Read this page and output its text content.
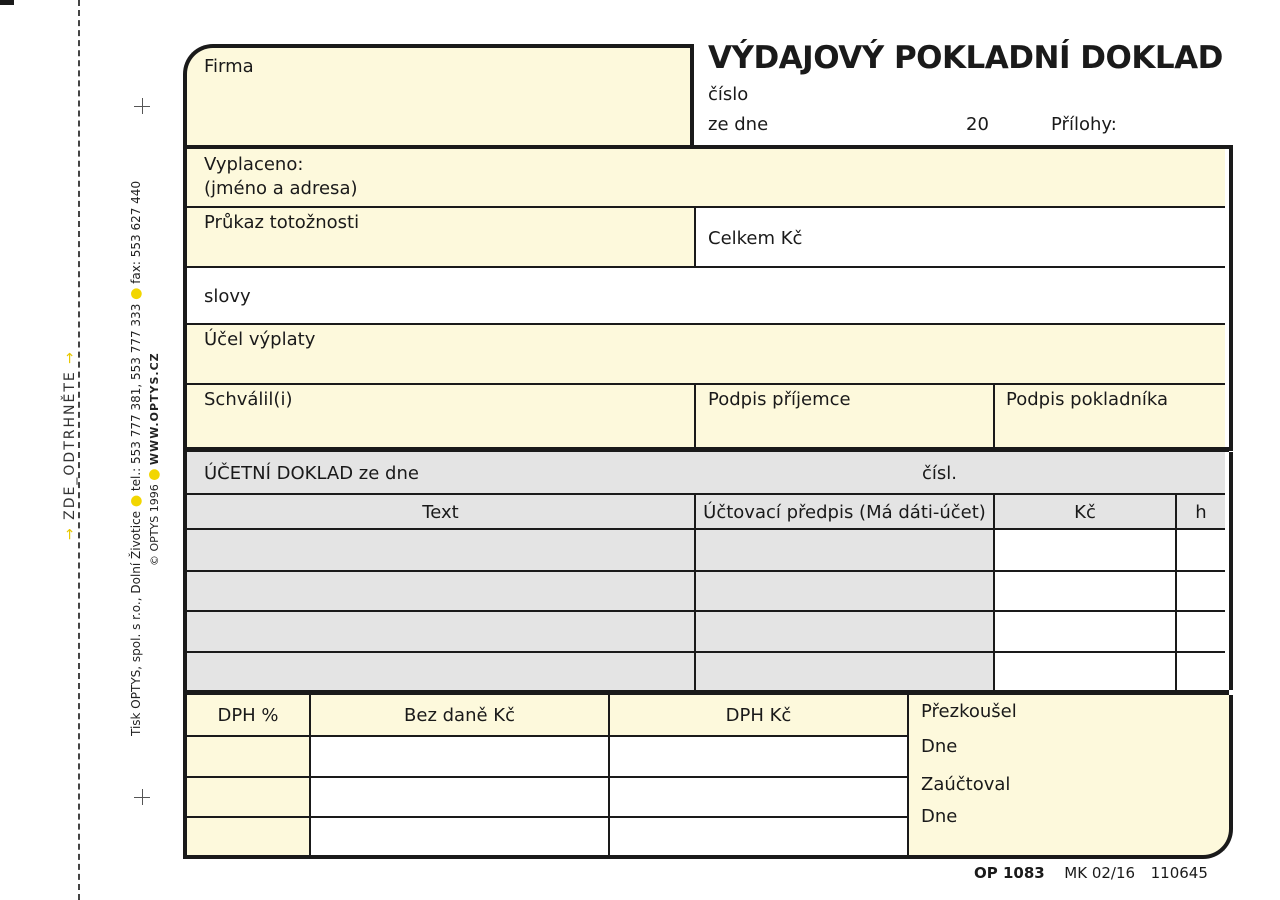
→ ZDE_ODTRHNĚTE →
Tisk OPTYS, spol. s r.o., Dolní Životice ● tel.: 553 777 381, 553 777 333 ● fax: 553 627 440
© OPTYS 1996 ● WWW.OPTYS.CZ
Firma	VÝDAJOVÝ POKLADNÍ DOKLAD
číslo
ze dne	20	Přílohy:
Vyplaceno:
(jméno a adresa)
Průkaz totožnosti
Celkem Kč
slovy
Účel výplaty
Schválil(i)	Podpis příjemce	Podpis pokladníka
ÚČETNÍ DOKLAD ze dne	čísl.
Text	Účtovací předpis (Má dáti-účet)	Kč	h
DPH %	Bez daně Kč	DPH Kč	Přezkoušel
Dne
Zaúčtoval
Dne
OP 1083 MK 02/16 110645
